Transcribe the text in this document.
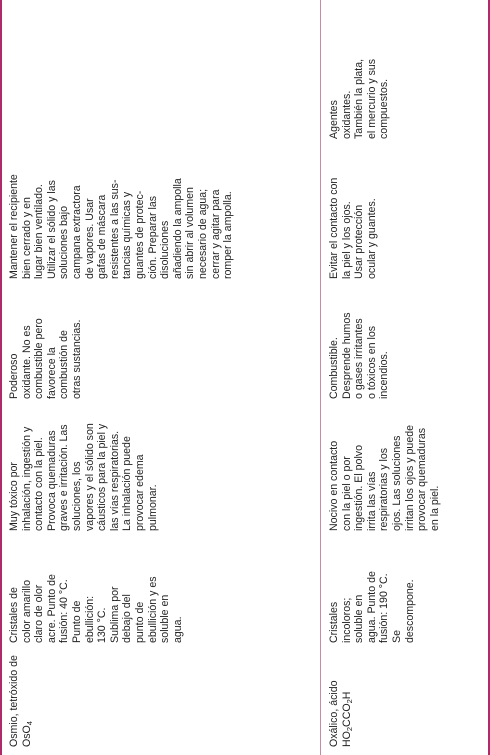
Osmio, tetróxido de
OsO$_4$
Cristales de
color amarillo
claro de olor
acre. Punto de
fusión: 40 °C.
Punto de
ebullición:
130 °C.
Sublima por
debajo del
punto de
ebullición y es
soluble en
agua.
Muy tóxico por
inhalación, ingestión y
contacto con la piel.
Provoca quemaduras
graves e irritación. Las
soluciones, los
vapores y el sólido son
cáusticos para la piel y
las vías respiratorias.
La inhalación puede
provocar edema
pulmonar.
Poderoso
oxidante. No es
combustible pero
favorece la
combustión de
otras sustancias.
Mantener el recipiente
bien cerrado y en
lugar bien ventilado.
Utilizar el sólido y las
soluciones bajo
campana extractora
de vapores. Usar
gafas de máscara
resistentes a las sus-
tancias químicas y
guantes de protec-
ción. Preparar las
disoluciones
añadiendo la ampolla
sin abrir al volumen
necesario de agua;
cerrar y agitar para
romper la ampolla.
Oxálico, ácido
$HO_2CCO_2H$
Cristales
incoloros;
soluble en
agua. Punto de
fusión: 190 °C.
Se
descompone.
Nocivo en contacto
con la piel o por
ingestión. El polvo
irrita las vías
respiratorias y los
ojos. Las soluciones
irritan los ojos y puede
provocar quemaduras
en la piel.
Combustible.
Desprende humos
o gases irritantes
o tóxicos en los
incendios.
Evitar el contacto con
la piel y los ojos.
Usar protección
ocular y guantes.
Agentes
oxidantes.
También la plata,
el mercurio y sus
compuestos.
